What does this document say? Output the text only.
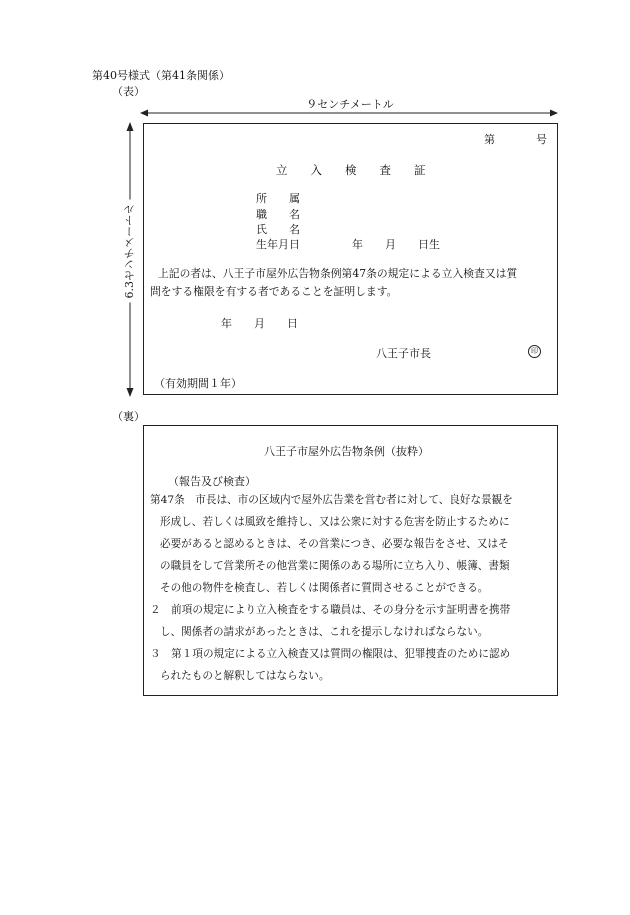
第40号様式（第41条関係）
（表）
９センチメートル
6.3センチメートル
第	号
立　　入　　検　　査　　証
所　　属
職　　名
氏　　名
生年月日	年　　月　　日生
上記の者は、八王子市屋外広告物条例第47条の規定による立入検査又は質
問をする権限を有する者であることを証明します。
年　　月　　日
八王子市長	印
（有効期間１年）
（裏）
八王子市屋外広告物条例（抜粋）
（報告及び検査）
第47条　市長は、市の区域内で屋外広告業を営む者に対して、良好な景観を
形成し、若しくは風致を維持し、又は公衆に対する危害を防止するために
必要があると認めるときは、その営業につき、必要な報告をさせ、又はそ
の職員をして営業所その他営業に関係のある場所に立ち入り、帳簿、書類
その他の物件を検査し、若しくは関係者に質問させることができる。
２　前項の規定により立入検査をする職員は、その身分を示す証明書を携帯
し、関係者の請求があったときは、これを提示しなければならない。
３　第１項の規定による立入検査又は質問の権限は、犯罪捜査のために認め
られたものと解釈してはならない。
